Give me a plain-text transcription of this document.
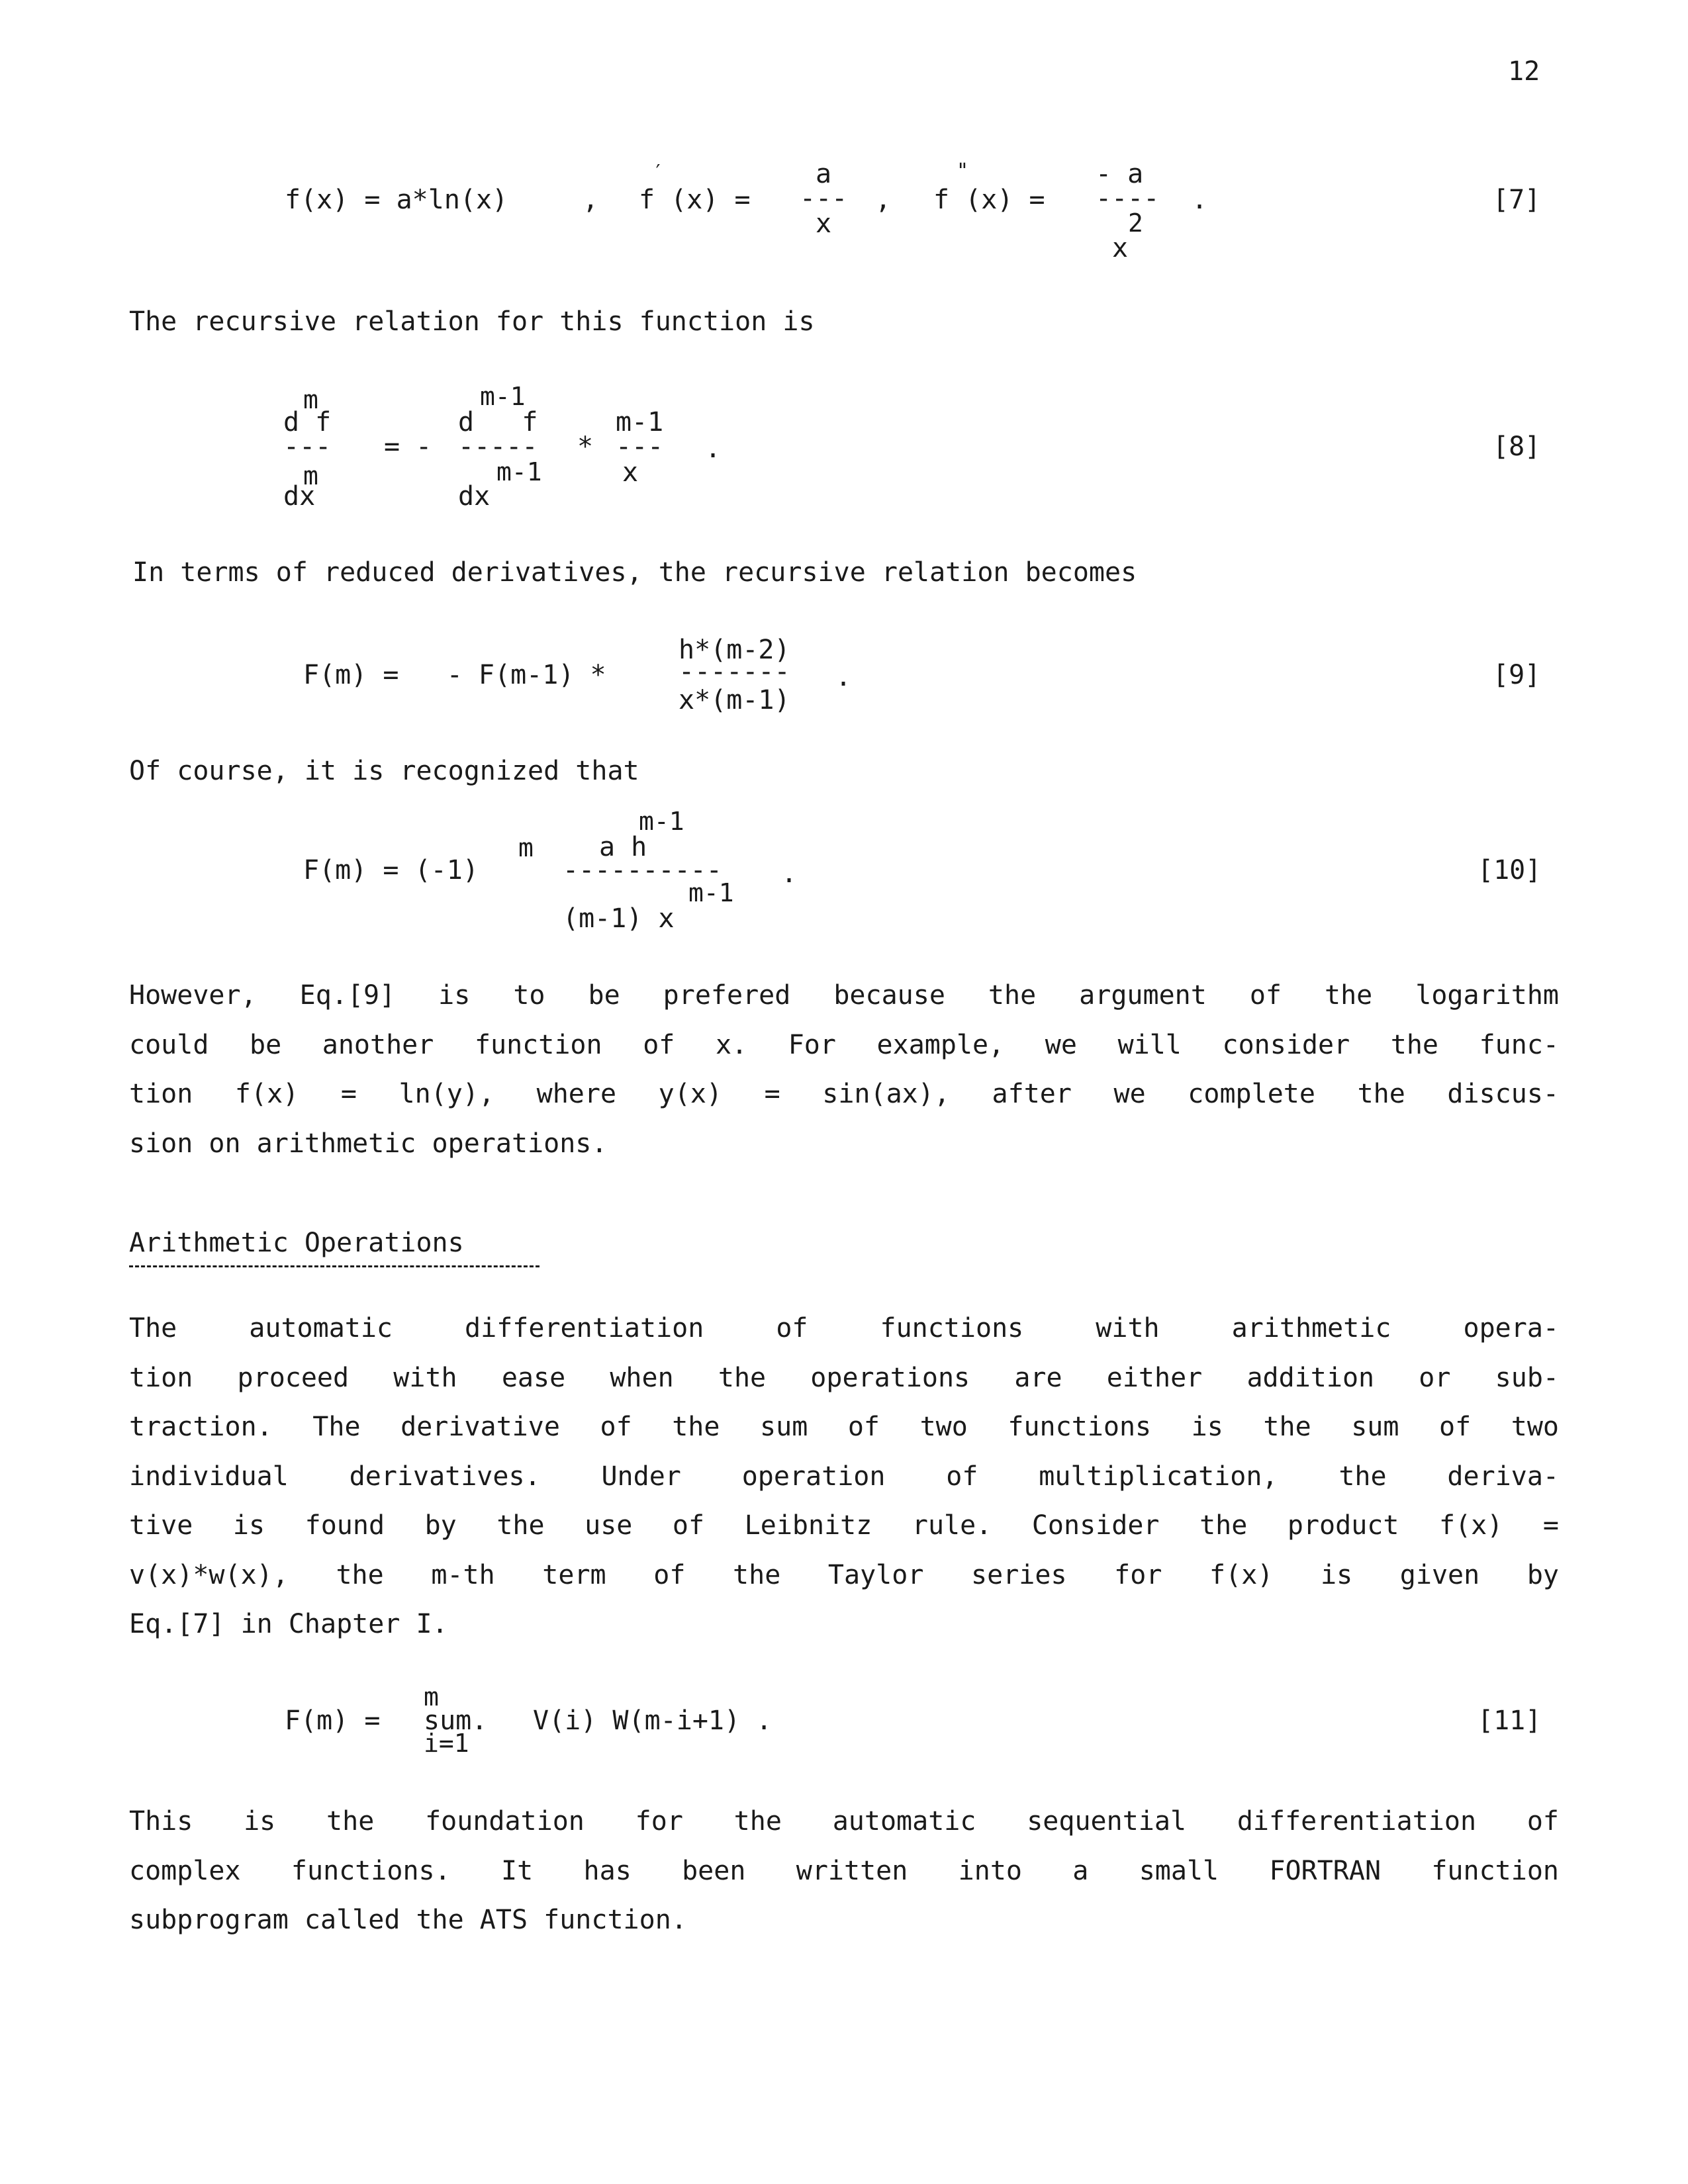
12
f(x) = a*ln(x)	, f (x) =
′	a
---
x
, f (x) =
"	- a
----
2
x
.	[7]
The recursive relation for this function is
m
d f
---
m
dx
= -
m-1
d   f
-----
m-1
dx
*
m-1
---
x
.	[8]
In terms of reduced derivatives, the recursive relation becomes
F(m) =   - F(m-1) *
h*(m-2)
-------
x*(m-1)
.	[9]
Of course, it is recognized that
F(m) = (-1)
m a h
m-1
----------
(m-1) x
m-1
.	[10]
However, Eq.[9] is to be prefered because the argument of the logarithm
could be another function of x. For example, we will consider the func-
tion f(x) = ln(y), where y(x) = sin(ax), after we complete the discus-
sion on arithmetic operations.
Arithmetic Operations
The automatic differentiation of functions with arithmetic opera-
tion proceed with ease when the operations are either addition or sub-
traction. The derivative of the sum of two functions is the sum of two
individual derivatives. Under operation of multiplication, the deriva-
tive is found by the use of Leibnitz rule. Consider the product f(x) =
v(x)*w(x), the m-th term of the Taylor series for f(x) is given by
Eq.[7] in Chapter I.
F(m) =
m
sum.
i=1
V(i) W(m-i+1) .	[11]
This is the foundation for the automatic sequential differentiation of
complex functions. It has been written into a small FORTRAN function
subprogram called the ATS function.
